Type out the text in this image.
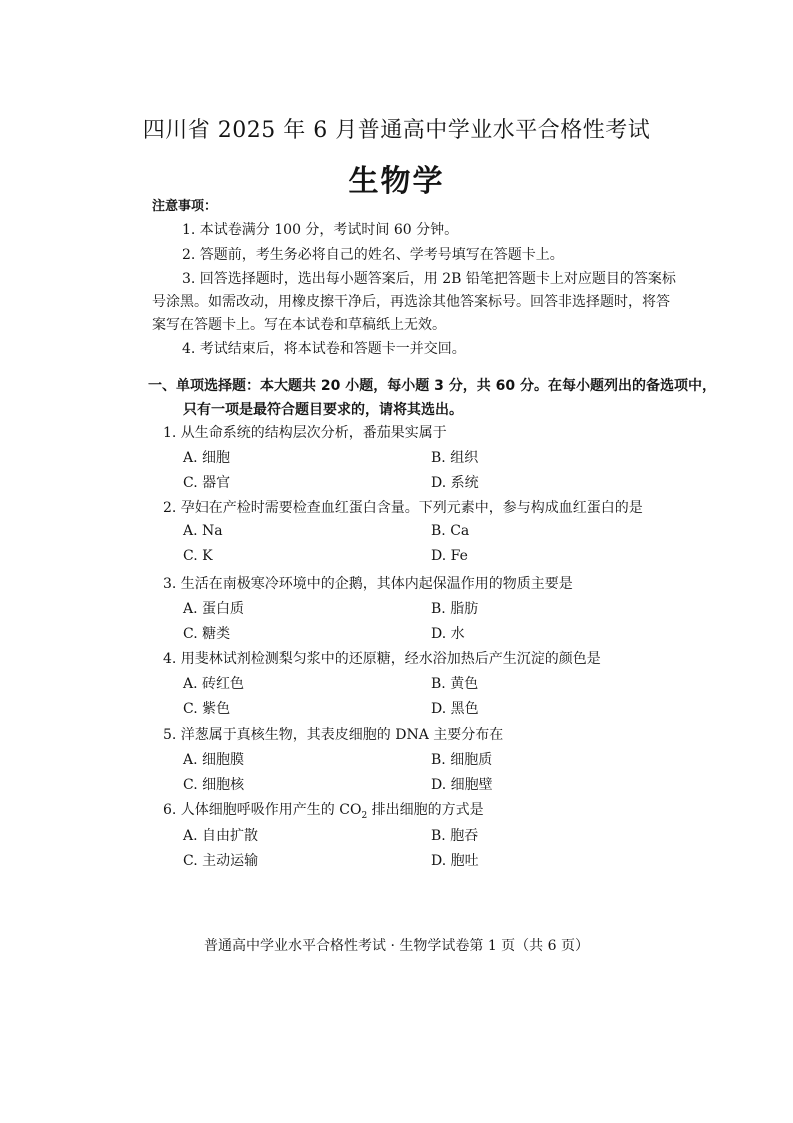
四川省 2025 年 6 月普通高中学业水平合格性考试
生物学
注意事项：
1. 本试卷满分 100 分，考试时间 60 分钟。
2. 答题前，考生务必将自己的姓名、学考号填写在答题卡上。
3. 回答选择题时，选出每小题答案后，用 2B 铅笔把答题卡上对应题目的答案标
号涂黑。如需改动，用橡皮擦干净后，再选涂其他答案标号。回答非选择题时，将答
案写在答题卡上。写在本试卷和草稿纸上无效。
4. 考试结束后，将本试卷和答题卡一并交回。
一、单项选择题：本大题共 20 小题，每小题 3 分，共 60 分。在每小题列出的备选项中，
只有一项是最符合题目要求的，请将其选出。
1. 从生命系统的结构层次分析，番茄果实属于
A. 细胞	B. 组织
C. 器官	D. 系统
2. 孕妇在产检时需要检查血红蛋白含量。下列元素中，参与构成血红蛋白的是
A. Na	B. Ca
C. K	D. Fe
3. 生活在南极寒冷环境中的企鹅，其体内起保温作用的物质主要是
A. 蛋白质	B. 脂肪
C. 糖类	D. 水
4. 用斐林试剂检测梨匀浆中的还原糖，经水浴加热后产生沉淀的颜色是
A. 砖红色	B. 黄色
C. 紫色	D. 黑色
5. 洋葱属于真核生物，其表皮细胞的 DNA 主要分布在
A. 细胞膜	B. 细胞质
C. 细胞核	D. 细胞壁
6. 人体细胞呼吸作用产生的 $CO_2$ 排出细胞的方式是
A. 自由扩散	B. 胞吞
C. 主动运输	D. 胞吐
普通高中学业水平合格性考试 · 生物学试卷第 1 页（共 6 页）
